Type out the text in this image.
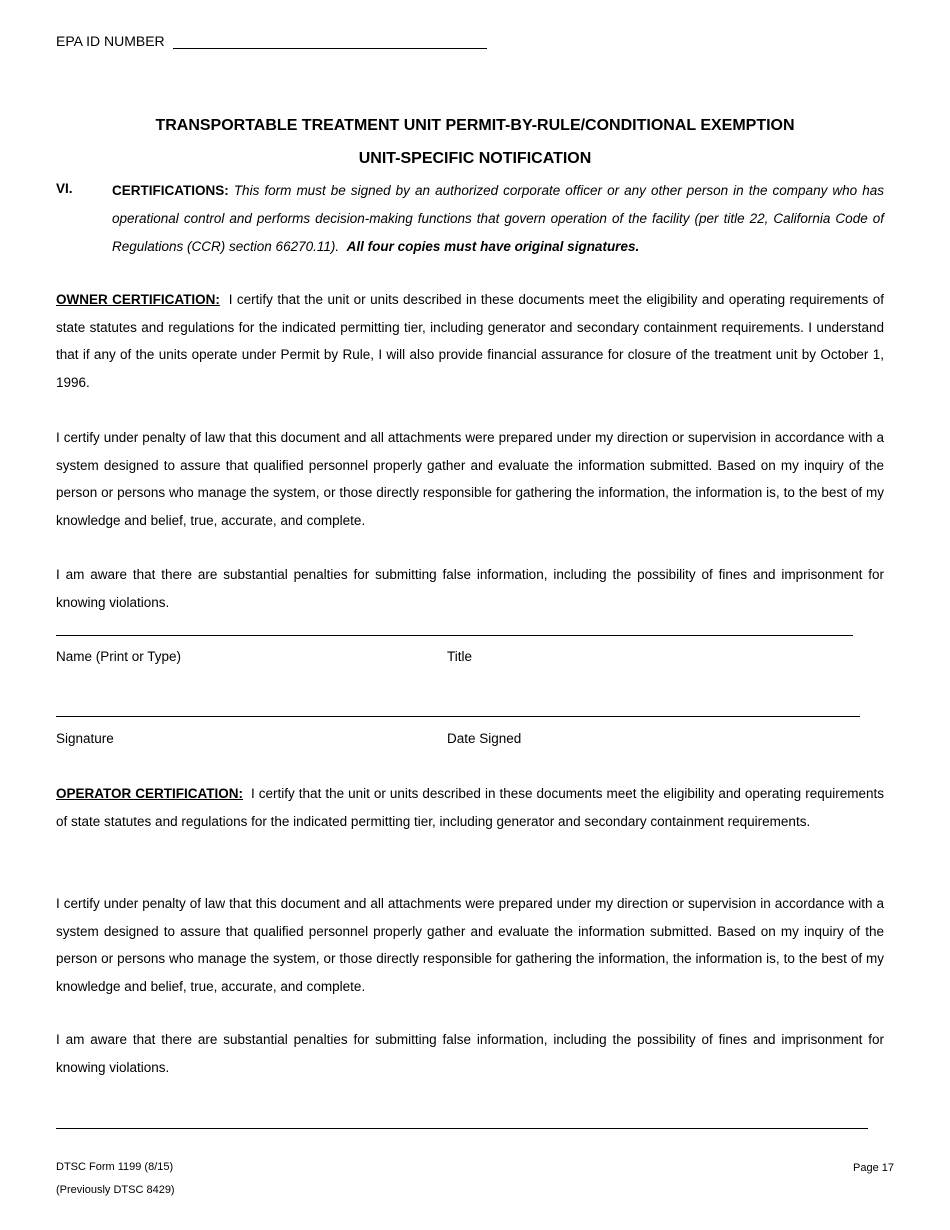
EPA ID NUMBER
TRANSPORTABLE TREATMENT UNIT PERMIT-BY-RULE/CONDITIONAL EXEMPTION
UNIT-SPECIFIC NOTIFICATION
VI.	CERTIFICATIONS: This form must be signed by an authorized corporate officer or any other person in the company who has operational control and performs decision-making functions that govern operation of the facility (per title 22, California Code of Regulations (CCR) section 66270.11). All four copies must have original signatures.
OWNER CERTIFICATION: I certify that the unit or units described in these documents meet the eligibility and operating requirements of state statutes and regulations for the indicated permitting tier, including generator and secondary containment requirements. I understand that if any of the units operate under Permit by Rule, I will also provide financial assurance for closure of the treatment unit by October 1, 1996.
I certify under penalty of law that this document and all attachments were prepared under my direction or supervision in accordance with a system designed to assure that qualified personnel properly gather and evaluate the information submitted. Based on my inquiry of the person or persons who manage the system, or those directly responsible for gathering the information, the information is, to the best of my knowledge and belief, true, accurate, and complete.
I am aware that there are substantial penalties for submitting false information, including the possibility of fines and imprisonment for knowing violations.
Name (Print or Type)	Title
Signature	Date Signed
OPERATOR CERTIFICATION: I certify that the unit or units described in these documents meet the eligibility and operating requirements of state statutes and regulations for the indicated permitting tier, including generator and secondary containment requirements.
I certify under penalty of law that this document and all attachments were prepared under my direction or supervision in accordance with a system designed to assure that qualified personnel properly gather and evaluate the information submitted. Based on my inquiry of the person or persons who manage the system, or those directly responsible for gathering the information, the information is, to the best of my knowledge and belief, true, accurate, and complete.
I am aware that there are substantial penalties for submitting false information, including the possibility of fines and imprisonment for knowing violations.
DTSC Form 1199 (8/15)
(Previously DTSC 8429)
Page 17
